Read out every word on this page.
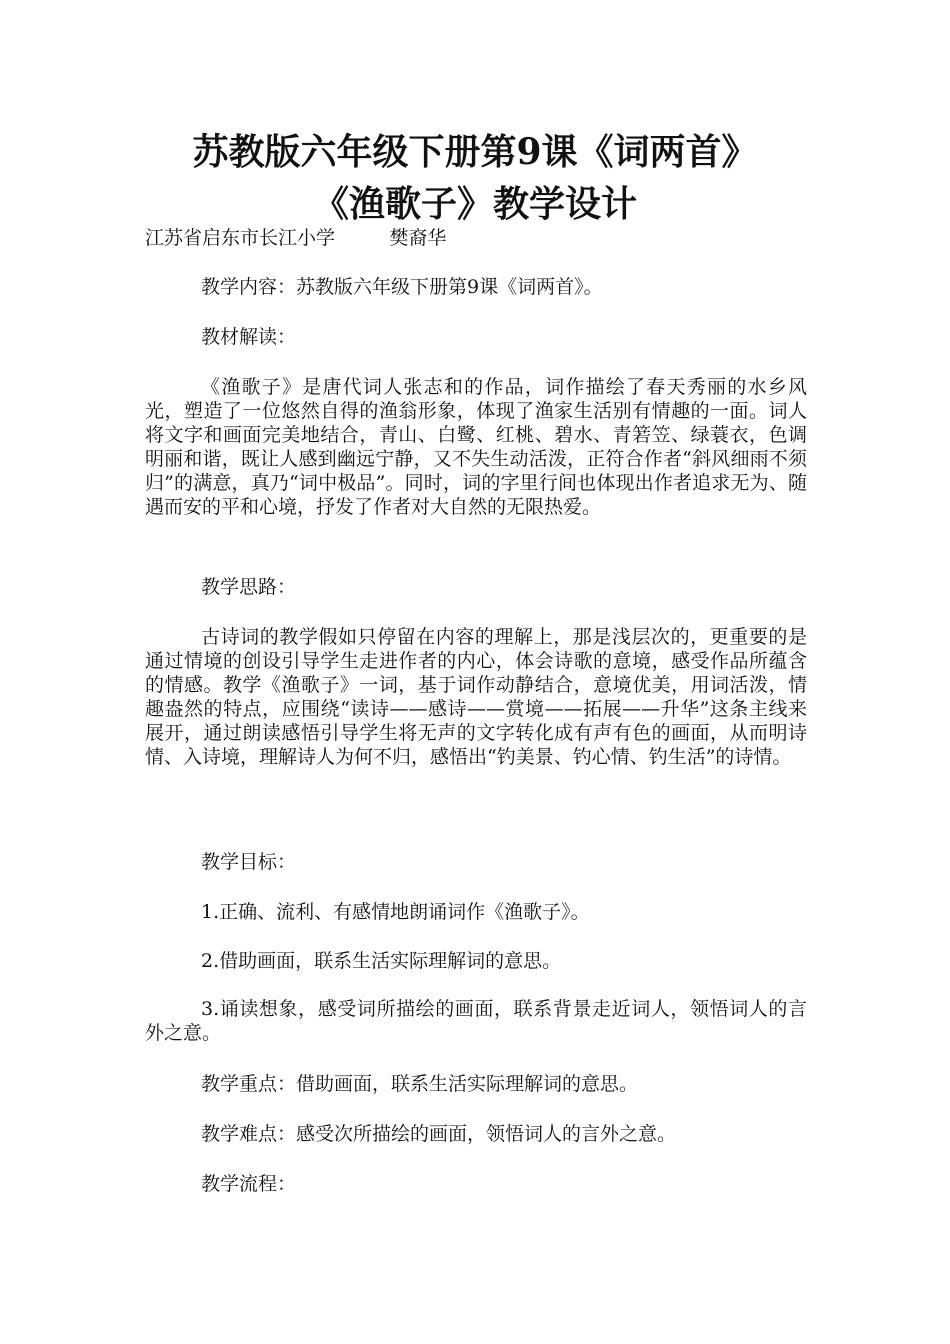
苏教版六年级下册第9课《词两首》
《渔歌子》教学设计
江苏省启东市长江小学	樊裔华

教学内容：苏教版六年级下册第9课《词两首》。

教材解读：

《渔歌子》是唐代词人张志和的作品，词作描绘了春天秀丽的水乡风光，塑造了一位悠然自得的渔翁形象，体现了渔家生活别有情趣的一面。词人将文字和画面完美地结合，青山、白鹭、红桃、碧水、青箬笠、绿蓑衣，色调明丽和谐，既让人感到幽远宁静，又不失生动活泼，正符合作者“斜风细雨不须归”的满意，真乃“词中极品”。同时，词的字里行间也体现出作者追求无为、随遇而安的平和心境，抒发了作者对大自然的无限热爱。

教学思路：

古诗词的教学假如只停留在内容的理解上，那是浅层次的，更重要的是通过情境的创设引导学生走进作者的内心，体会诗歌的意境，感受作品所蕴含的情感。教学《渔歌子》一词，基于词作动静结合，意境优美，用词活泼，情趣盎然的特点，应围绕“读诗——感诗——赏境——拓展——升华”这条主线来展开，通过朗读感悟引导学生将无声的文字转化成有声有色的画面，从而明诗情、入诗境，理解诗人为何不归，感悟出“钓美景、钓心情、钓生活”的诗情。

教学目标：

1.正确、流利、有感情地朗诵词作《渔歌子》。

2.借助画面，联系生活实际理解词的意思。

3.诵读想象，感受词所描绘的画面，联系背景走近词人，领悟词人的言外之意。

教学重点：借助画面，联系生活实际理解词的意思。

教学难点：感受次所描绘的画面，领悟词人的言外之意。

教学流程：
